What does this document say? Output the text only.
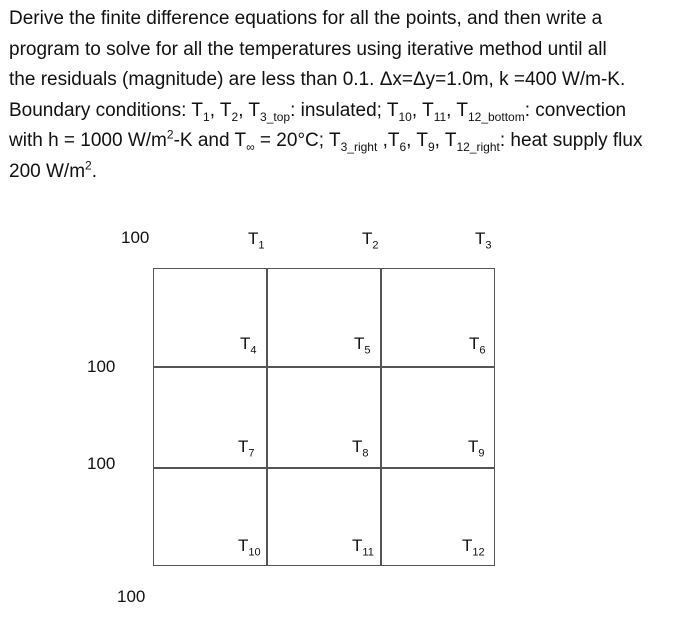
Derive the finite difference equations for all the points, and then write a
program to solve for all the temperatures using iterative method until all
the residuals (magnitude) are less than 0.1. Δx=Δy=1.0m, k =400 W/m-K.
Boundary conditions: $T_1$, $T_2$, $T_{3\_top}$: insulated; $T_{10}$, $T_{11}$, $T_{12\_bottom}$: convection
with h = 1000 $W/m^2-K$ and $T_\infty = 20^\circ C$; $T_{3\_right}$ $,T_6$, $T_9$, $T_{12\_right}$: heat supply flux
200 $W/m^2$.
100
100
100
100
$T_1$	$T_2$	$T_3$
$T_4$	$T_5$	$T_6$
$T_7$	$T_8$	$T_9$
$T_{10}$	$T_{11}$	$T_{12}$
